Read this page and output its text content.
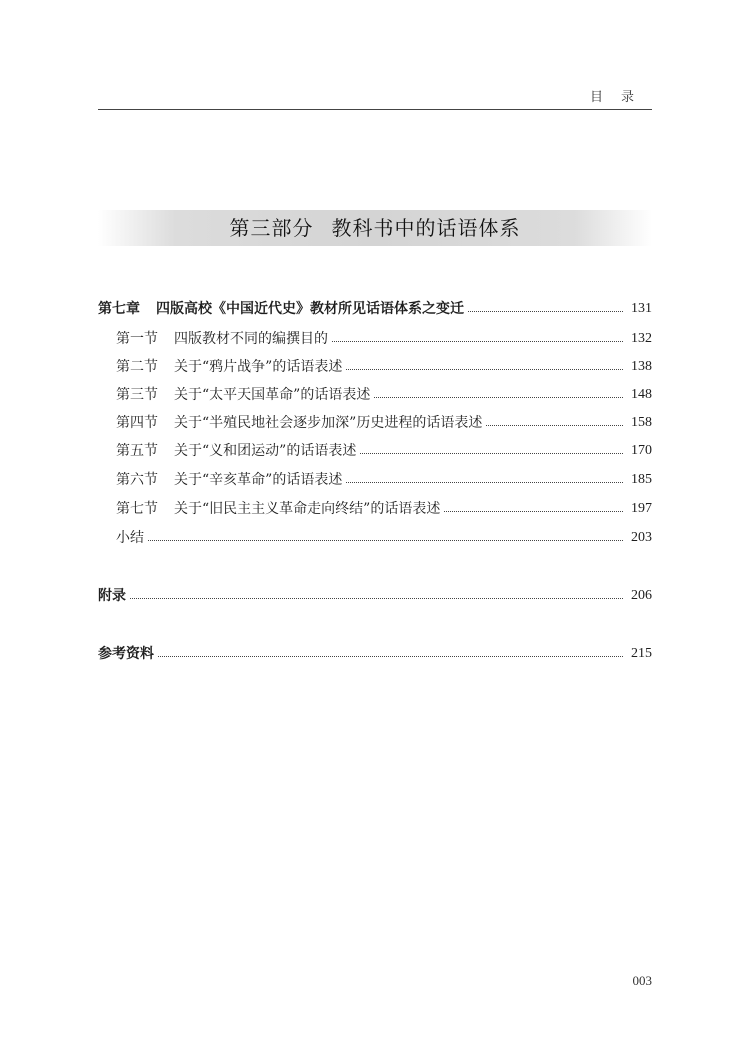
目录
第三部分 教科书中的话语体系
第七章 四版高校《中国近代史》教材所见话语体系之变迁	131
第一节 四版教材不同的编撰目的	132
第二节 关于“鸦片战争”的话语表述	138
第三节 关于“太平天国革命”的话语表述	148
第四节 关于“半殖民地社会逐步加深”历史进程的话语表述	158
第五节 关于“义和团运动”的话语表述	170
第六节 关于“辛亥革命”的话语表述	185
第七节 关于“旧民主主义革命走向终结”的话语表述	197
小结	203
附录	206
参考资料	215
003
